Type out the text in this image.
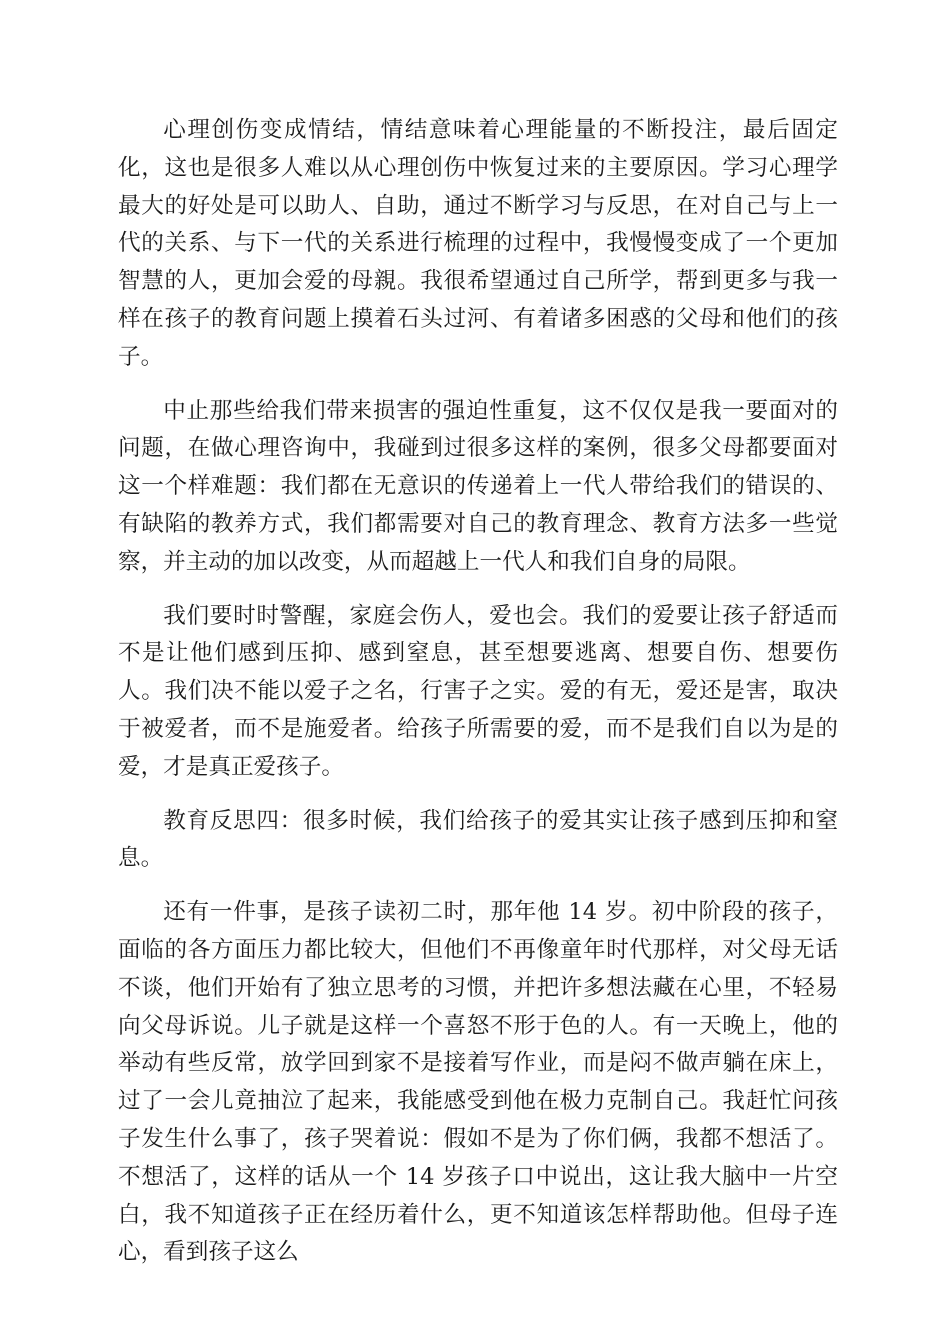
心理创伤变成情结，情结意味着心理能量的不断投注，最后固定化，这也是很多人难以从心理创伤中恢复过来的主要原因。学习心理学最大的好处是可以助人、自助，通过不断学习与反思，在对自己与上一代的关系、与下一代的关系进行梳理的过程中，我慢慢变成了一个更加智慧的人，更加会爱的母親。我很希望通过自己所学，帮到更多与我一样在孩子的教育问题上摸着石头过河、有着诸多困惑的父母和他们的孩子。

中止那些给我们带来损害的强迫性重复，这不仅仅是我一要面对的问题，在做心理咨询中，我碰到过很多这样的案例，很多父母都要面对这一个样难题：我们都在无意识的传递着上一代人带给我们的错误的、有缺陷的教养方式，我们都需要对自己的教育理念、教育方法多一些觉察，并主动的加以改变，从而超越上一代人和我们自身的局限。

我们要时时警醒，家庭会伤人，爱也会。我们的爱要让孩子舒适而不是让他们感到压抑、感到窒息，甚至想要逃离、想要自伤、想要伤人。我们决不能以爱子之名，行害子之实。爱的有无，爱还是害，取决于被爱者，而不是施爱者。给孩子所需要的爱，而不是我们自以为是的爱，才是真正爱孩子。

教育反思四：很多时候，我们给孩子的爱其实让孩子感到压抑和窒息。

还有一件事，是孩子读初二时，那年他 14 岁。初中阶段的孩子，面临的各方面压力都比较大，但他们不再像童年时代那样，对父母无话不谈，他们开始有了独立思考的习惯，并把许多想法藏在心里，不轻易向父母诉说。儿子就是这样一个喜怒不形于色的人。有一天晚上，他的举动有些反常，放学回到家不是接着写作业，而是闷不做声躺在床上，过了一会儿竟抽泣了起来，我能感受到他在极力克制自己。我赶忙问孩子发生什么事了，孩子哭着说：假如不是为了你们俩，我都不想活了。不想活了，这样的话从一个 14 岁孩子口中说出，这让我大脑中一片空白，我不知道孩子正在经历着什么，更不知道该怎样帮助他。但母子连心，看到孩子这么
